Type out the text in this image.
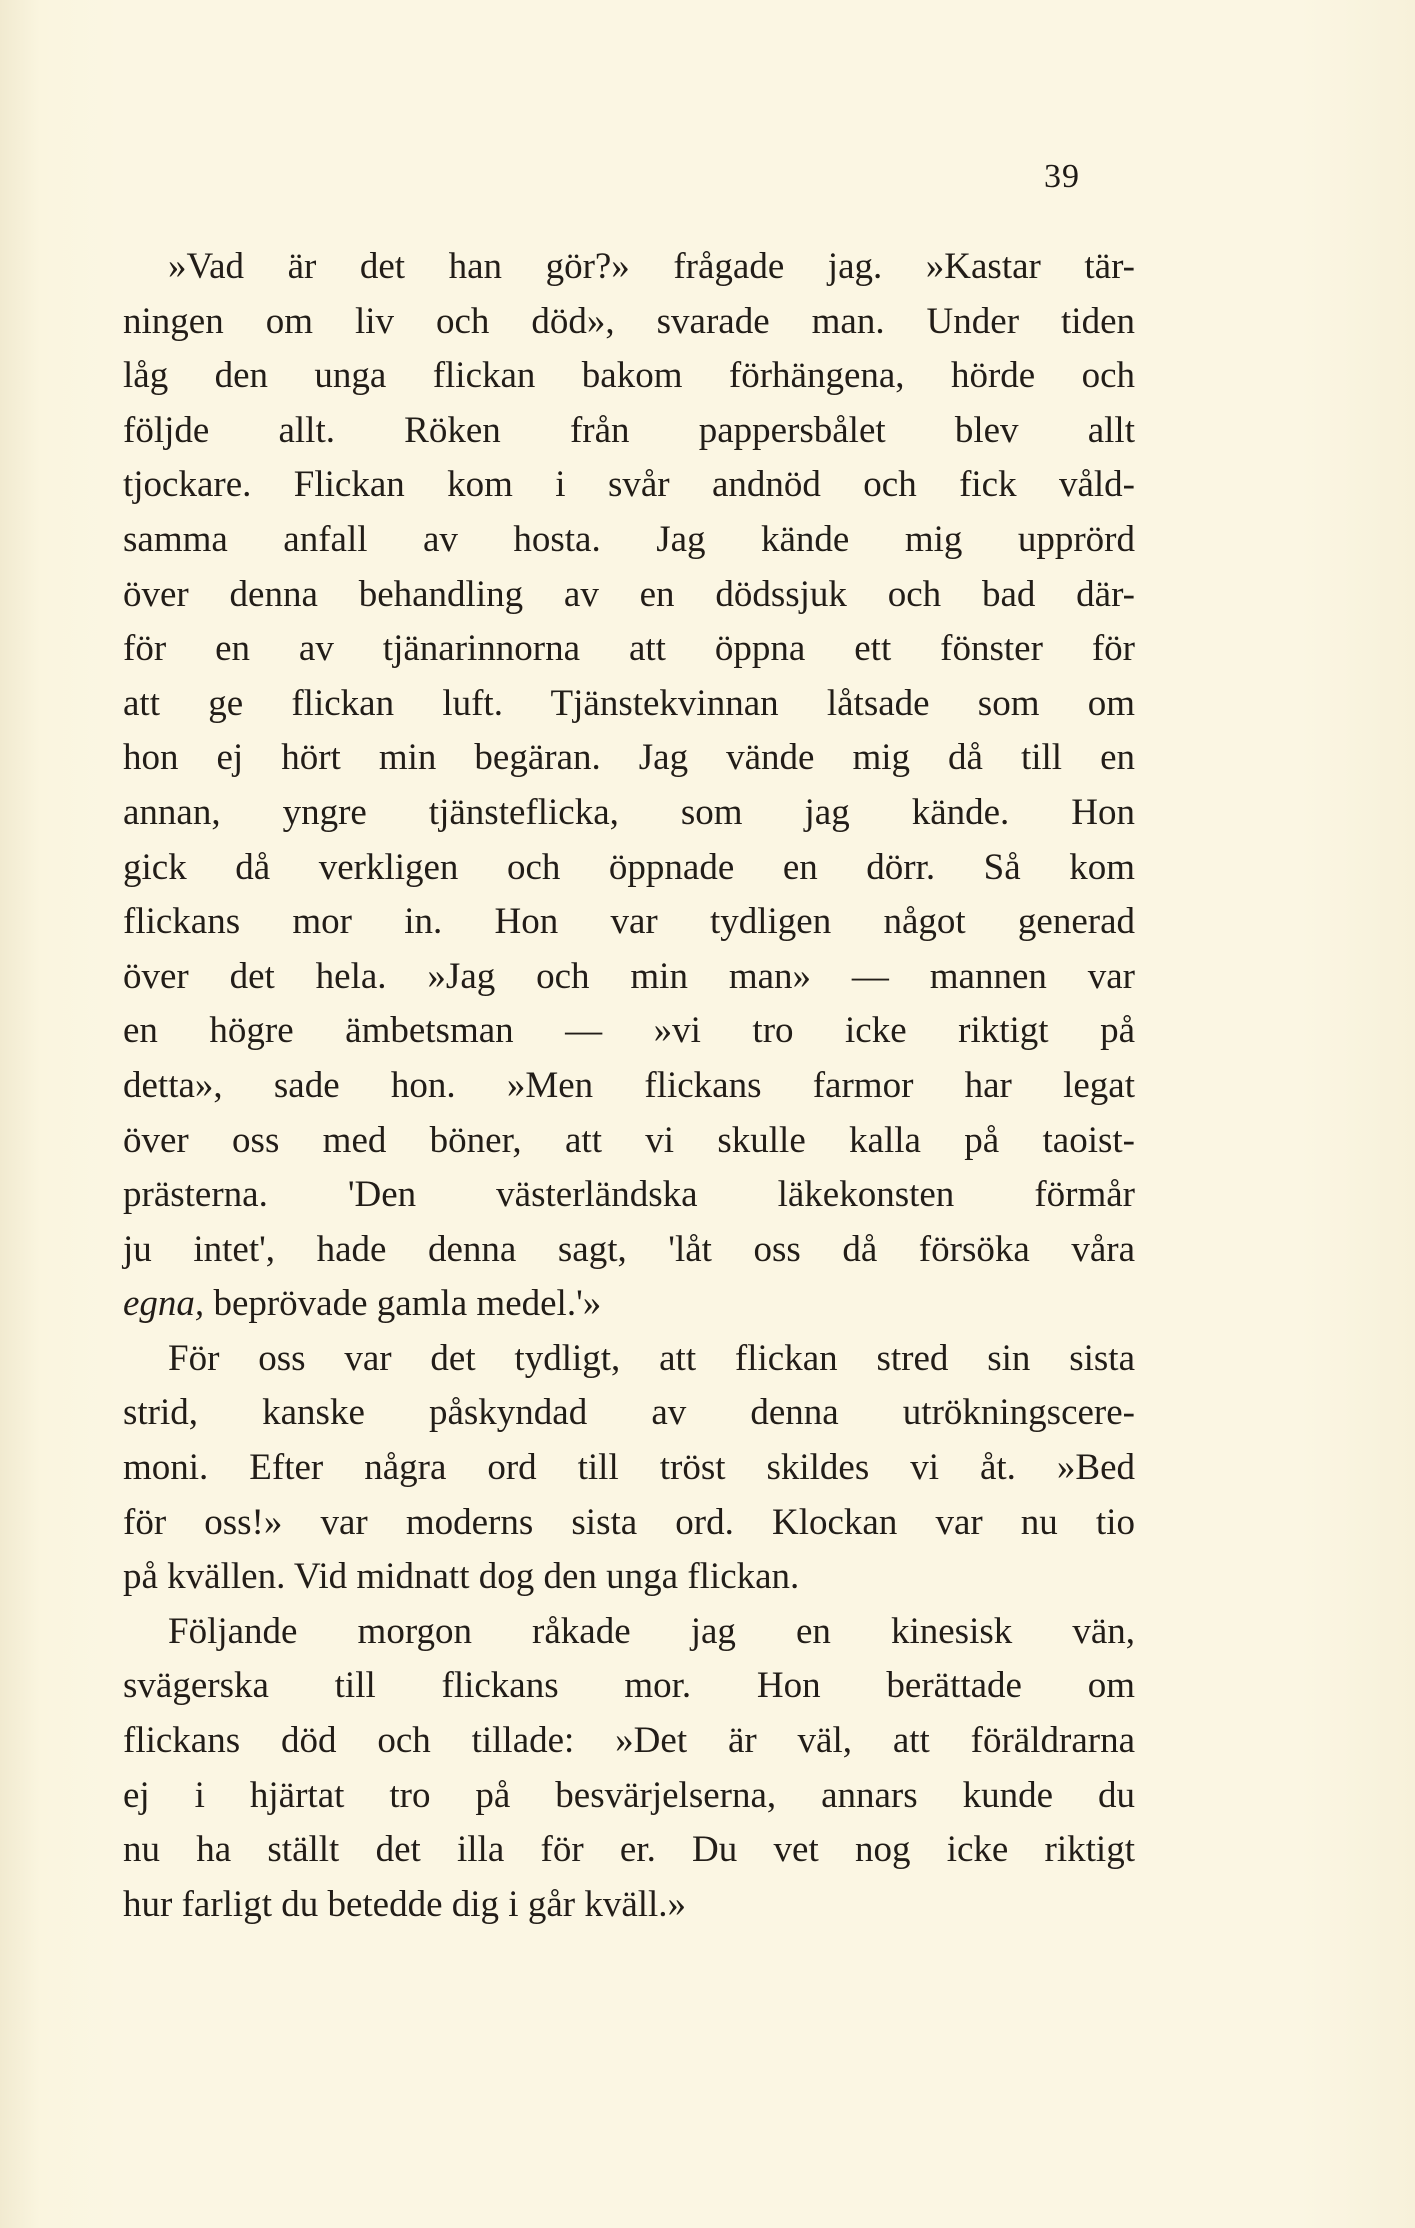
39
»Vad är det han gör?» frågade jag. »Kastar tär-
ningen om liv och död», svarade man. Under tiden
låg den unga flickan bakom förhängena, hörde och
följde allt. Röken från pappersbålet blev allt
tjockare. Flickan kom i svår andnöd och fick våld-
samma anfall av hosta. Jag kände mig upprörd
över denna behandling av en dödssjuk och bad där-
för en av tjänarinnorna att öppna ett fönster för
att ge flickan luft. Tjänstekvinnan låtsade som om
hon ej hört min begäran. Jag vände mig då till en
annan, yngre tjänsteflicka, som jag kände. Hon
gick då verkligen och öppnade en dörr. Så kom
flickans mor in. Hon var tydligen något generad
över det hela. »Jag och min man» — mannen var
en högre ämbetsman — »vi tro icke riktigt på
detta», sade hon. »Men flickans farmor har legat
över oss med böner, att vi skulle kalla på taoist-
prästerna. 'Den västerländska läkekonsten förmår
ju intet', hade denna sagt, 'låt oss då försöka våra
egna, beprövade gamla medel.'»
För oss var det tydligt, att flickan stred sin sista
strid, kanske påskyndad av denna utrökningscere-
moni. Efter några ord till tröst skildes vi åt. »Bed
för oss!» var moderns sista ord. Klockan var nu tio
på kvällen. Vid midnatt dog den unga flickan.
Följande morgon råkade jag en kinesisk vän,
svägerska till flickans mor. Hon berättade om
flickans död och tillade: »Det är väl, att föräldrarna
ej i hjärtat tro på besvärjelserna, annars kunde du
nu ha ställt det illa för er. Du vet nog icke riktigt
hur farligt du betedde dig i går kväll.»
